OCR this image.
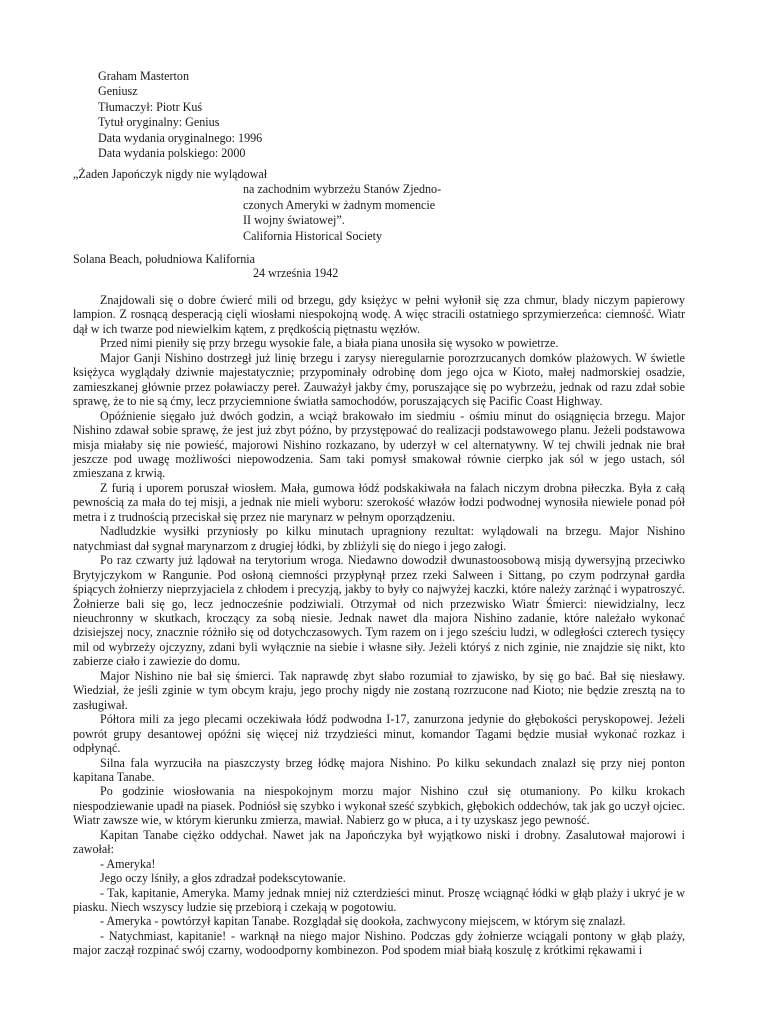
Graham Masterton
Geniusz
Tłumaczył: Piotr Kuś
Tytuł oryginalny: Genius
Data wydania oryginalnego: 1996
Data wydania polskiego: 2000
„Żaden Japończyk nigdy nie wylądował
na zachodnim wybrzeżu Stanów Zjedno-
czonych Ameryki w żadnym momencie
II wojny światowej”.
California Historical Society
Solana Beach, południowa Kalifornia
24 września 1942

Znajdowali się o dobre ćwierć mili od brzegu, gdy księżyc w pełni wyłonił się zza chmur, blady niczym papierowy lampion. Z rosnącą desperacją cięli wiosłami niespokojną wodę. A więc stracili ostatniego sprzymierzeńca: ciemność. Wiatr dął w ich twarze pod niewielkim kątem, z prędkością piętnastu węzłów.

Przed nimi pieniły się przy brzegu wysokie fale, a biała piana unosiła się wysoko w powietrze.

Major Ganji Nishino dostrzegł już linię brzegu i zarysy nieregularnie porozrzucanych domków plażowych. W świetle księżyca wyglądały dziwnie majestatycznie; przypominały odrobinę dom jego ojca w Kioto, małej nadmorskiej osadzie, zamieszkanej głównie przez poławiaczy pereł. Zauważył jakby ćmy, poruszające się po wybrzeżu, jednak od razu zdał sobie sprawę, że to nie są ćmy, lecz przyciemnione światła samochodów, poruszających się Pacific Coast Highway.

Opóźnienie sięgało już dwóch godzin, a wciąż brakowało im siedmiu - ośmiu minut do osiągnięcia brzegu. Major Nishino zdawał sobie sprawę, że jest już zbyt późno, by przystępować do realizacji podstawowego planu. Jeżeli podstawowa misja miałaby się nie powieść, majorowi Nishino rozkazano, by uderzył w cel alternatywny. W tej chwili jednak nie brał jeszcze pod uwagę możliwości niepowodzenia. Sam taki pomysł smakował równie cierpko jak sól w jego ustach, sól zmieszana z krwią.

Z furią i uporem poruszał wiosłem. Mała, gumowa łódź podskakiwała na falach niczym drobna piłeczka. Była z całą pewnością za mała do tej misji, a jednak nie mieli wyboru: szerokość włazów łodzi podwodnej wynosiła niewiele ponad pół metra i z trudnością przeciskał się przez nie marynarz w pełnym oporządzeniu.

Nadludzkie wysiłki przyniosły po kilku minutach upragniony rezultat: wylądowali na brzegu. Major Nishino natychmiast dał sygnał marynarzom z drugiej łódki, by zbliżyli się do niego i jego załogi.

Po raz czwarty już lądował na terytorium wroga. Niedawno dowodził dwunastoosobową misją dywersyjną przeciwko Brytyjczykom w Rangunie. Pod osłoną ciemności przypłynął przez rzeki Salween i Sittang, po czym podrzynał gardła śpiących żołnierzy nieprzyjaciela z chłodem i precyzją, jakby to były co najwyżej kaczki, które należy zarżnąć i wypatroszyć. Żołnierze bali się go, lecz jednocześnie podziwiali. Otrzymał od nich przezwisko Wiatr Śmierci: niewidzialny, lecz nieuchronny w skutkach, kroczący za sobą niesie. Jednak nawet dla majora Nishino zadanie, które należało wykonać dzisiejszej nocy, znacznie różniło się od dotychczasowych. Tym razem on i jego sześciu ludzi, w odległości czterech tysięcy mil od wybrzeży ojczyzny, zdani byli wyłącznie na siebie i własne siły. Jeżeli któryś z nich zginie, nie znajdzie się nikt, kto zabierze ciało i zawiezie do domu.

Major Nishino nie bał się śmierci. Tak naprawdę zbyt słabo rozumiał to zjawisko, by się go bać. Bał się niesławy. Wiedział, że jeśli zginie w tym obcym kraju, jego prochy nigdy nie zostaną rozrzucone nad Kioto; nie będzie zresztą na to zasługiwał.

Półtora mili za jego plecami oczekiwała łódź podwodna I-17, zanurzona jedynie do głębokości peryskopowej. Jeżeli powrót grupy desantowej opóźni się więcej niż trzydzieści minut, komandor Tagami będzie musiał wykonać rozkaz i odpłynąć.

Silna fala wyrzuciła na piaszczysty brzeg łódkę majora Nishino. Po kilku sekundach znalazł się przy niej ponton kapitana Tanabe.

Po godzinie wiosłowania na niespokojnym morzu major Nishino czuł się otumaniony. Po kilku krokach niespodziewanie upadł na piasek. Podniósł się szybko i wykonał sześć szybkich, głębokich oddechów, tak jak go uczył ojciec. Wiatr zawsze wie, w którym kierunku zmierza, mawiał. Nabierz go w płuca, a i ty uzyskasz jego pewność.

Kapitan Tanabe ciężko oddychał. Nawet jak na Japończyka był wyjątkowo niski i drobny. Zasalutował majorowi i zawołał:

- Ameryka!

Jego oczy lśniły, a głos zdradzał podekscytowanie.

- Tak, kapitanie, Ameryka. Mamy jednak mniej niż czterdzieści minut. Proszę wciągnąć łódki w głąb plaży i ukryć je w piasku. Niech wszyscy ludzie się przebiorą i czekają w pogotowiu.

- Ameryka - powtórzył kapitan Tanabe. Rozglądał się dookoła, zachwycony miejscem, w którym się znalazł.

- Natychmiast, kapitanie! - warknął na niego major Nishino. Podczas gdy żołnierze wciągali pontony w głąb plaży, major zaczął rozpinać swój czarny, wodoodporny kombinezon. Pod spodem miał białą koszulę z krótkimi rękawami i
